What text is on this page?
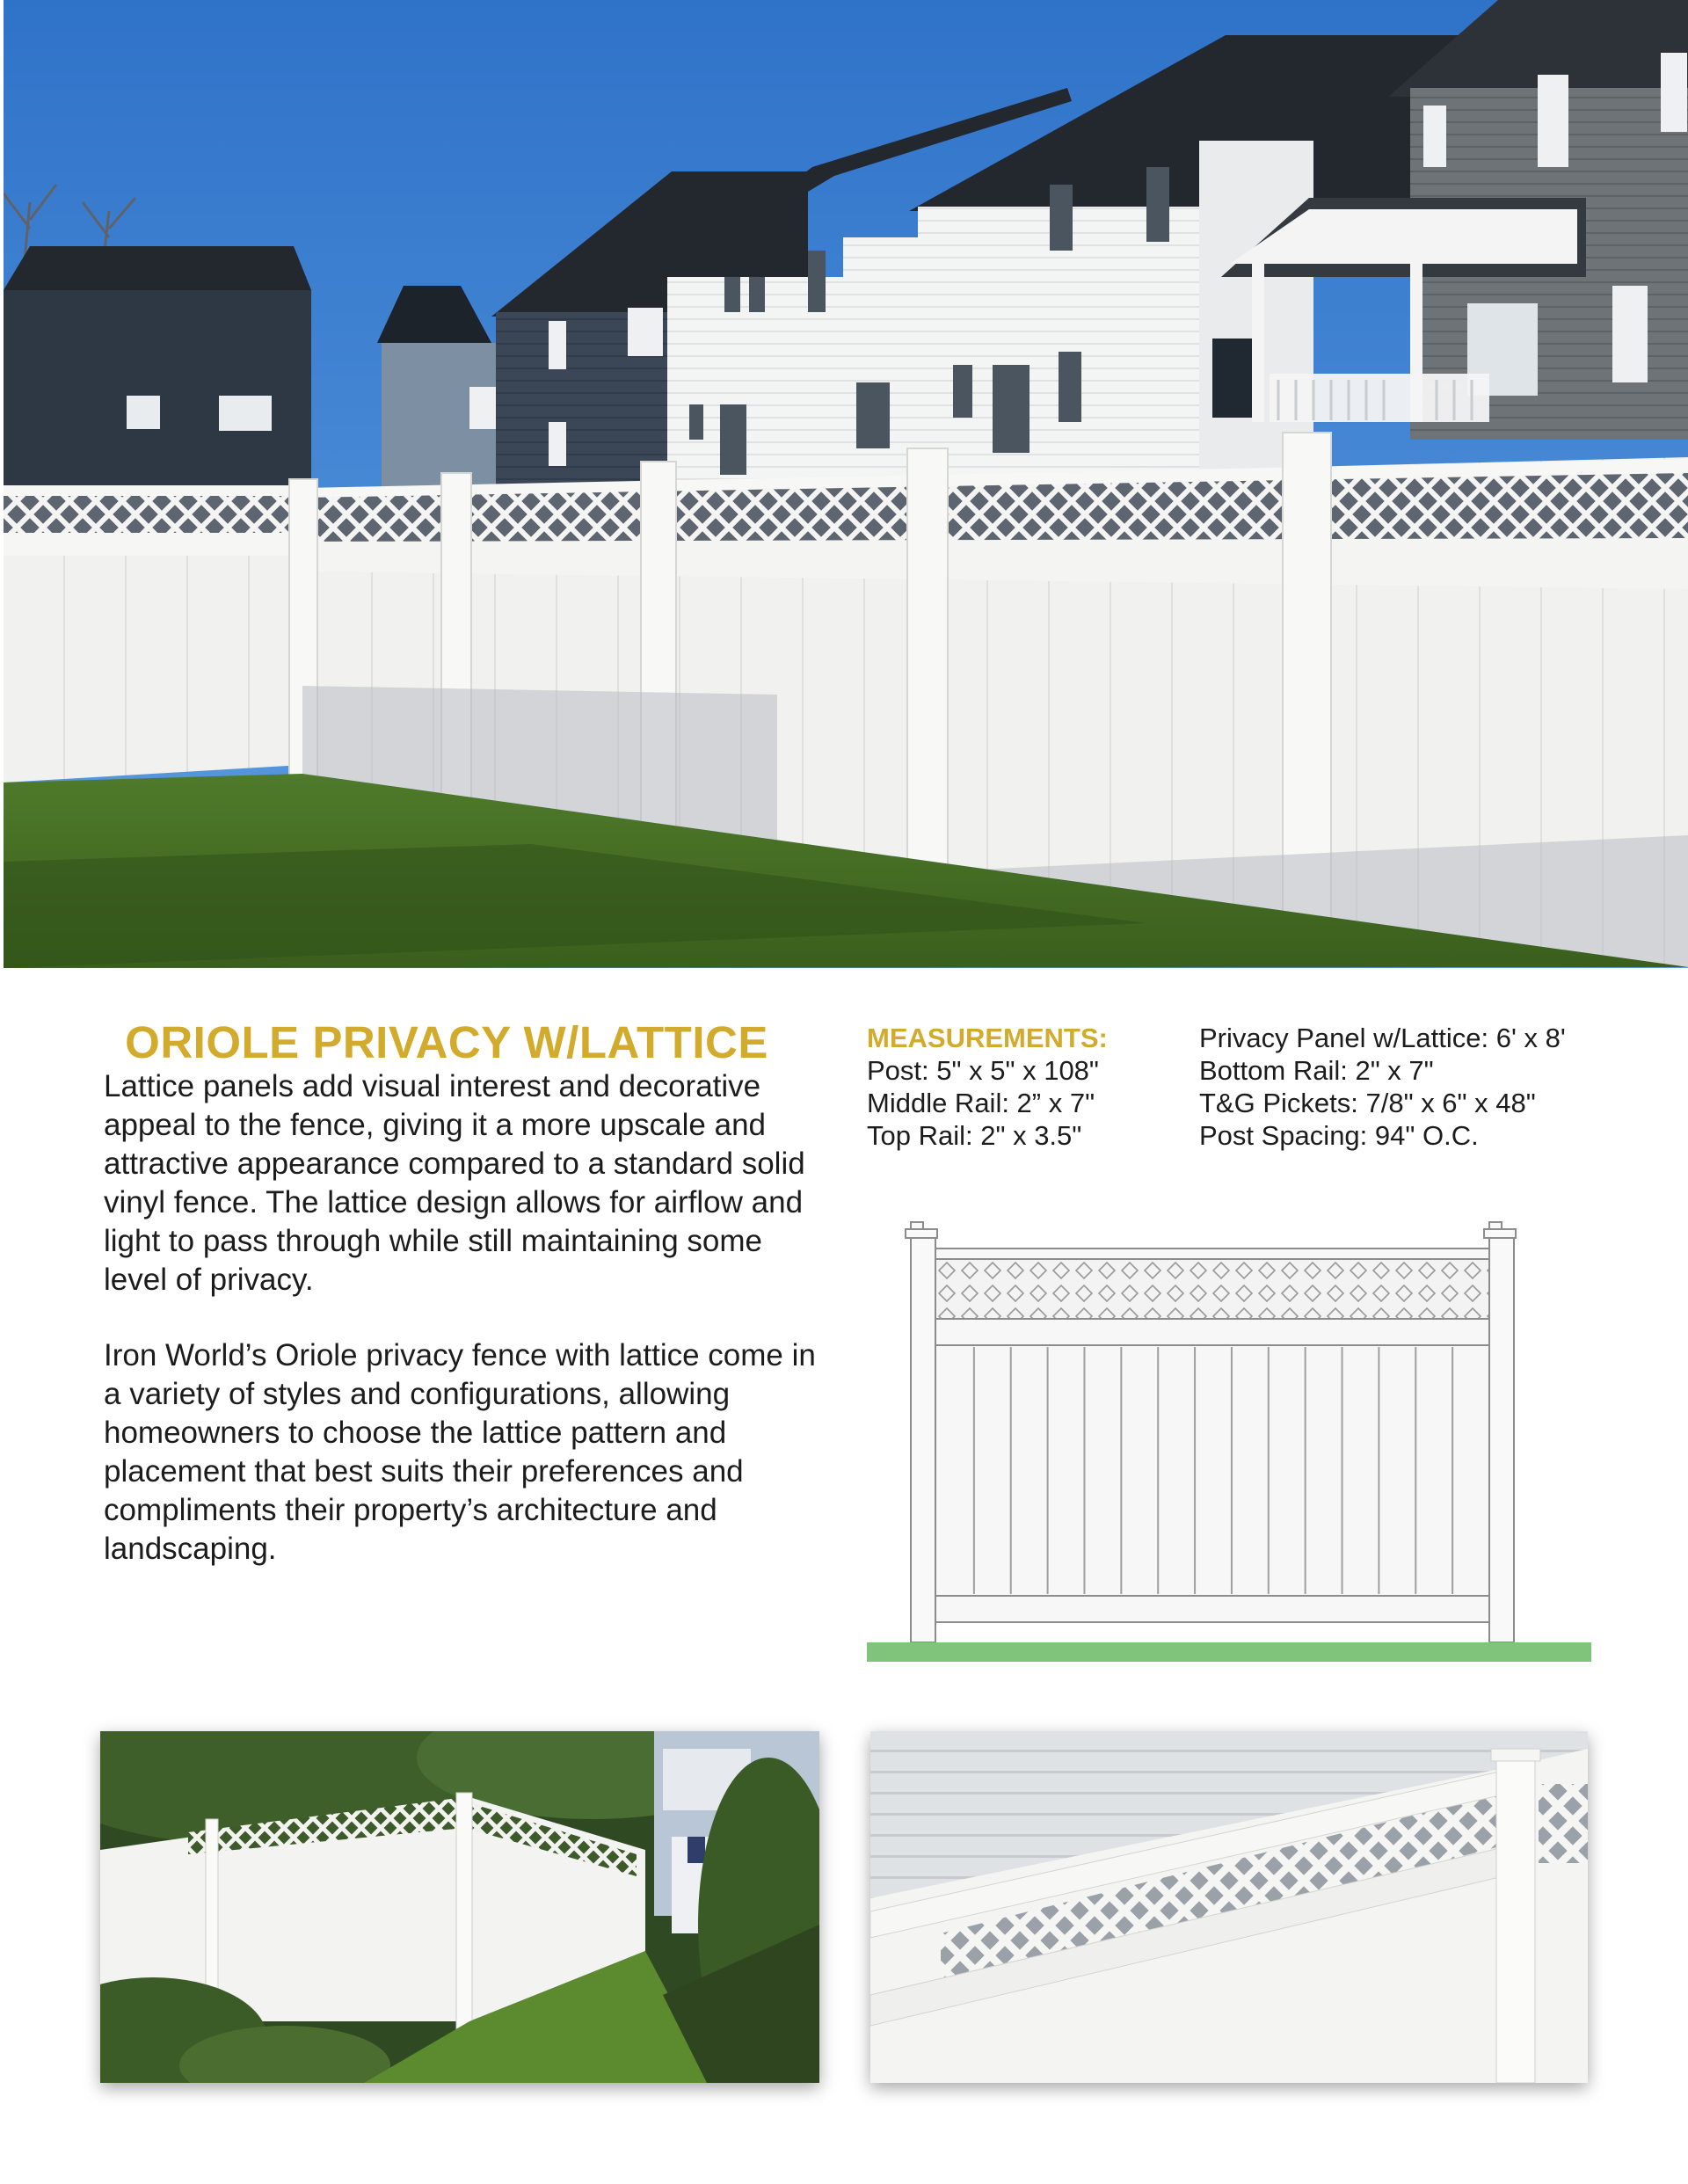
ORIOLE PRIVACY W/LATTICE
Lattice panels add visual interest and decorative appeal to the fence, giving it a more upscale and attractive appearance compared to a standard solid vinyl fence. The lattice design allows for airflow and light to pass through while still maintaining some level of privacy.
Iron World’s Oriole privacy fence with lattice come in a variety of styles and configurations, allowing homeowners to choose the lattice pattern and placement that best suits their preferences and compliments their property’s architecture and landscaping.
MEASUREMENTS:
Post: 5" x 5" x 108"
Middle Rail: 2” x 7"
Top Rail: 2" x 3.5"
Privacy Panel w/Lattice: 6' x 8'
Bottom Rail: 2" x 7"
T&G Pickets: 7/8" x 6" x 48"
Post Spacing: 94" O.C.
